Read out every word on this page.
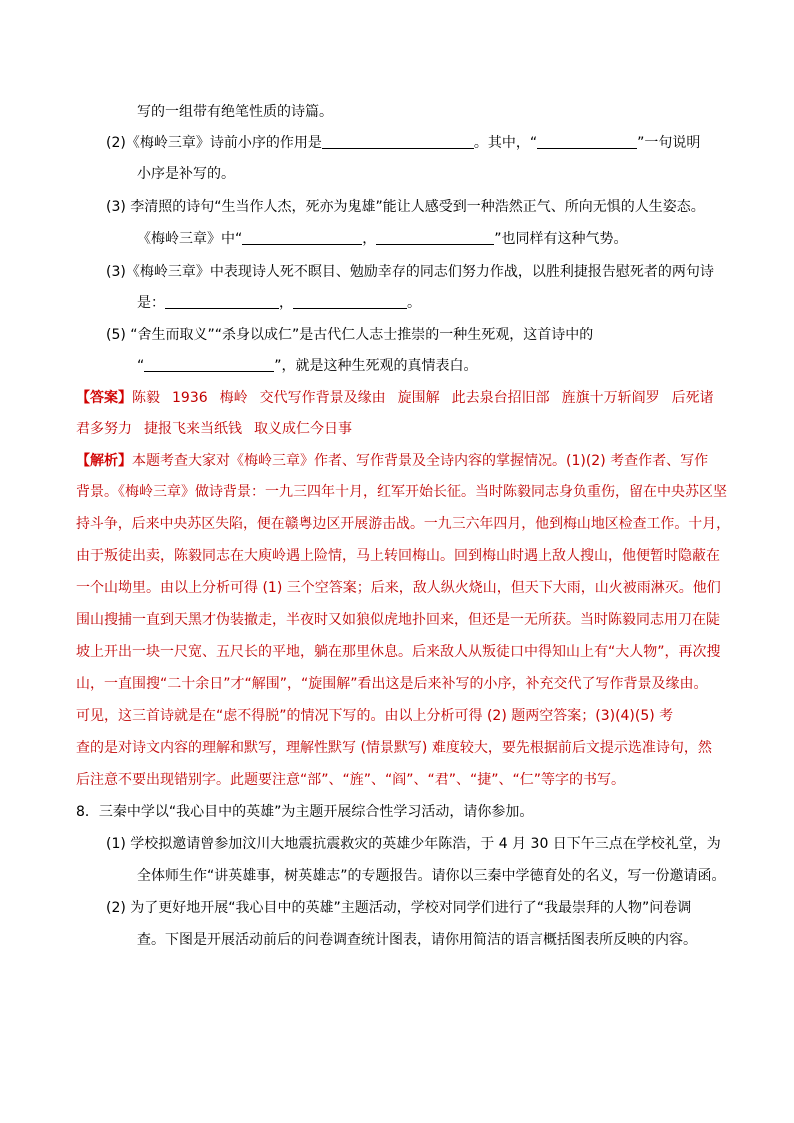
写的一组带有绝笔性质的诗篇。
(2)《梅岭三章》诗前小序的作用是	。其中，“	”一句说明
小序是补写的。
(3) 李清照的诗句“生当作人杰，死亦为鬼雄”能让人感受到一种浩然正气、所向无惧的人生姿态。
《梅岭三章》中“	，	”也同样有这种气势。
(3)《梅岭三章》中表现诗人死不瞑目、勉励幸存的同志们努力作战，以胜利捷报告慰死者的两句诗
是：	，	。
(5) “舍生而取义”“杀身以成仁”是古代仁人志士推崇的一种生死观，这首诗中的
“	”，就是这种生死观的真情表白。
【答案】陈毅 1936 梅岭 交代写作背景及缘由 旋围解 此去泉台招旧部 旌旗十万斩阎罗 后死诸
君多努力 捷报飞来当纸钱 取义成仁今日事
【解析】本题考查大家对《梅岭三章》作者、写作背景及全诗内容的掌握情况。(1)(2) 考查作者、写作
背景。《梅岭三章》做诗背景：一九三四年十月，红军开始长征。当时陈毅同志身负重伤，留在中央苏区坚
持斗争，后来中央苏区失陷，便在赣粤边区开展游击战。一九三六年四月，他到梅山地区检查工作。十月，
由于叛徒出卖，陈毅同志在大庾岭遇上险情，马上转回梅山。回到梅山时遇上敌人搜山，他便暂时隐蔽在
一个山坳里。由以上分析可得 (1) 三个空答案；后来，敌人纵火烧山，但天下大雨，山火被雨淋灭。他们
围山搜捕一直到天黑才伪装撤走，半夜时又如狼似虎地扑回来，但还是一无所获。当时陈毅同志用刀在陡
坡上开出一块一尺宽、五尺长的平地，躺在那里休息。后来敌人从叛徒口中得知山上有“大人物”，再次搜
山，一直围搜“二十余日”才“解围”，“旋围解”看出这是后来补写的小序，补充交代了写作背景及缘由。
可见，这三首诗就是在“虑不得脱”的情况下写的。由以上分析可得 (2) 题两空答案；(3)(4)(5) 考
查的是对诗文内容的理解和默写，理解性默写 (情景默写) 难度较大，要先根据前后文提示选准诗句，然
后注意不要出现错别字。此题要注意“部”、“旌”、“阎”、“君”、“捷”、“仁”等字的书写。
8．三秦中学以“我心目中的英雄”为主题开展综合性学习活动，请你参加。
(1) 学校拟邀请曾参加汶川大地震抗震救灾的英雄少年陈浩，于 4 月 30 日下午三点在学校礼堂，为
全体师生作“讲英雄事，树英雄志”的专题报告。请你以三秦中学德育处的名义，写一份邀请函。
(2) 为了更好地开展“我心目中的英雄”主题活动，学校对同学们进行了“我最崇拜的人物”问卷调
查。下图是开展活动前后的问卷调查统计图表，请你用简洁的语言概括图表所反映的内容。
